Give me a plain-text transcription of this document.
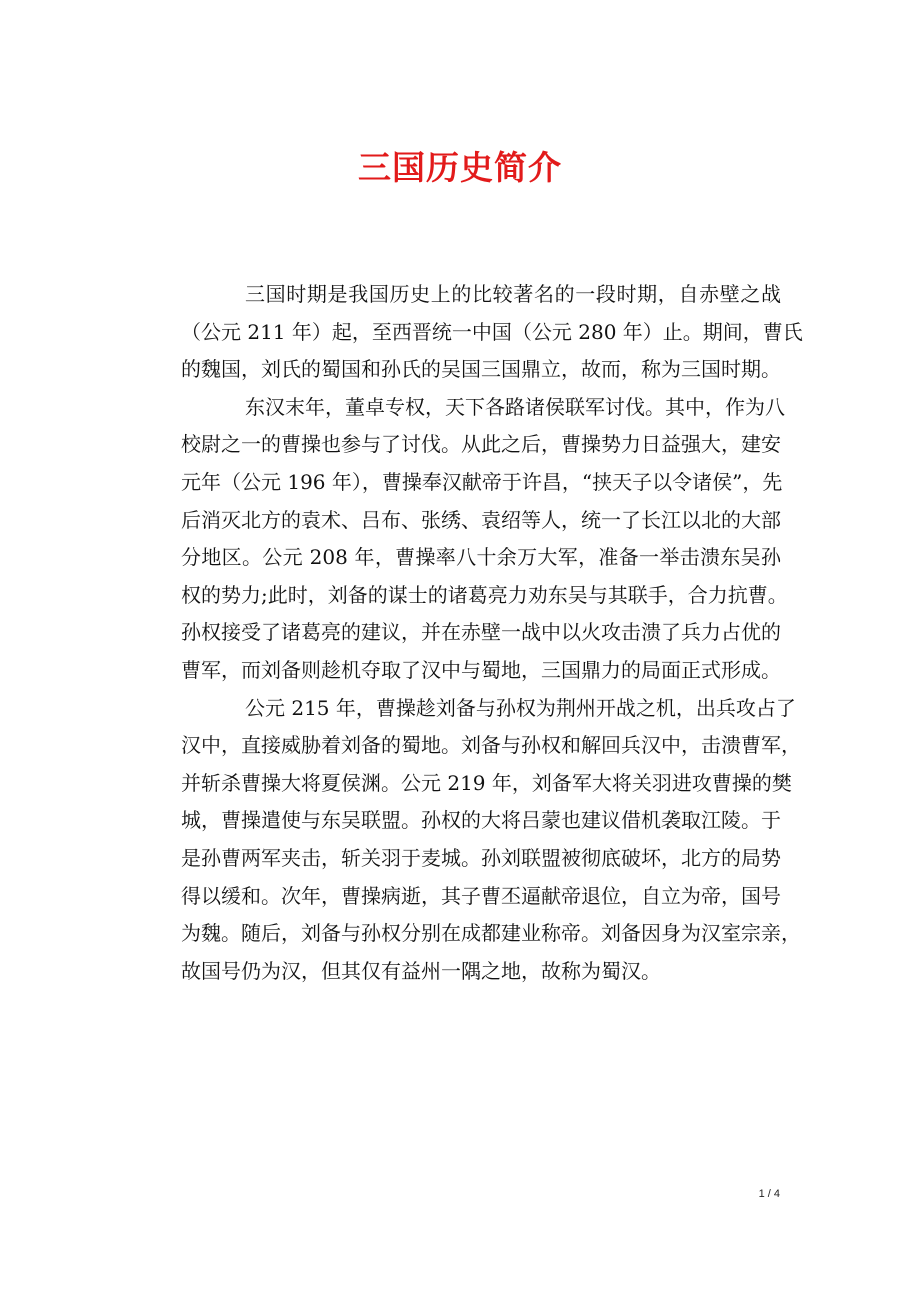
三国历史简介
三国时期是我国历史上的比较著名的一段时期，自赤壁之战
（公元 211 年）起，至西晋统一中国（公元 280 年）止。期间，曹氏
的魏国，刘氏的蜀国和孙氏的吴国三国鼎立，故而，称为三国时期。
东汉末年，董卓专权，天下各路诸侯联军讨伐。其中，作为八
校尉之一的曹操也参与了讨伐。从此之后，曹操势力日益强大，建安
元年（公元 196 年），曹操奉汉献帝于许昌，“挟天子以令诸侯”，先
后消灭北方的袁术、吕布、张绣、袁绍等人，统一了长江以北的大部
分地区。公元 208 年，曹操率八十余万大军，准备一举击溃东吴孙
权的势力;此时，刘备的谋士的诸葛亮力劝东吴与其联手，合力抗曹。
孙权接受了诸葛亮的建议，并在赤壁一战中以火攻击溃了兵力占优的
曹军，而刘备则趁机夺取了汉中与蜀地，三国鼎力的局面正式形成。
公元 215 年，曹操趁刘备与孙权为荆州开战之机，出兵攻占了
汉中，直接威胁着刘备的蜀地。刘备与孙权和解回兵汉中，击溃曹军，
并斩杀曹操大将夏侯渊。公元 219 年，刘备军大将关羽进攻曹操的樊
城，曹操遣使与东吴联盟。孙权的大将吕蒙也建议借机袭取江陵。于
是孙曹两军夹击，斩关羽于麦城。孙刘联盟被彻底破坏，北方的局势
得以缓和。次年，曹操病逝，其子曹丕逼献帝退位，自立为帝，国号
为魏。随后，刘备与孙权分别在成都建业称帝。刘备因身为汉室宗亲，
故国号仍为汉，但其仅有益州一隅之地，故称为蜀汉。
1 / 4
